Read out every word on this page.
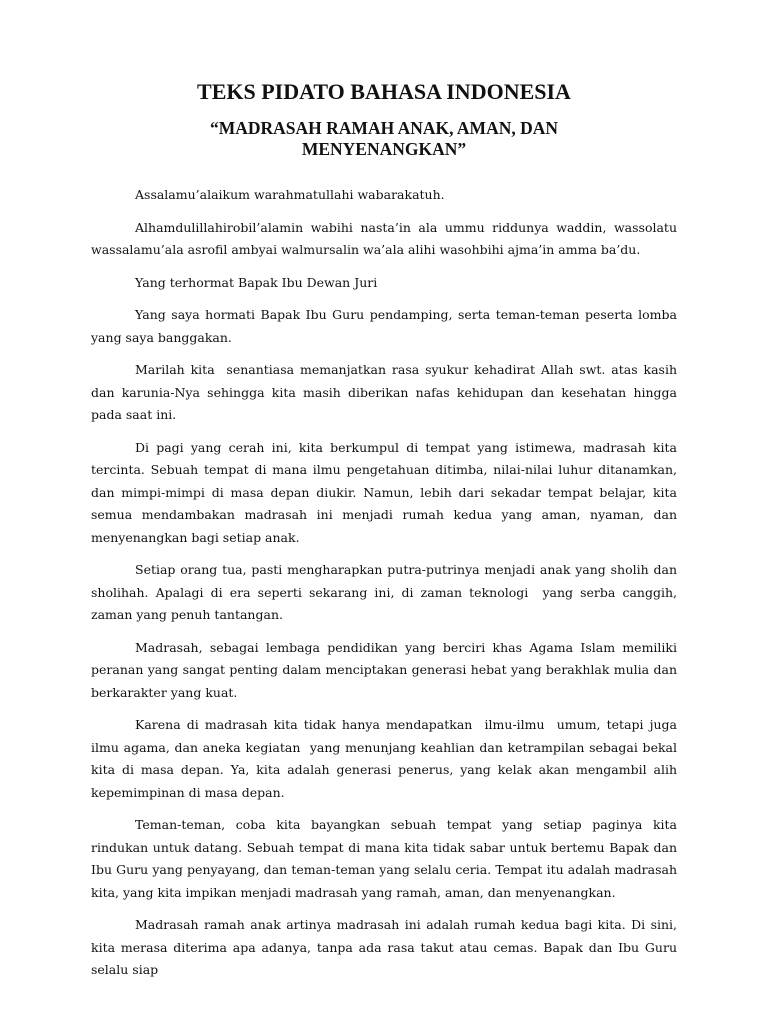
TEKS PIDATO BAHASA INDONESIA
“MADRASAH RAMAH ANAK, AMAN, DAN MENYENANGKAN”

Assalamu’alaikum warahmatullahi wabarakatuh.

Alhamdulillahirobil’alamin wabihi nasta’in ala ummu riddunya waddin, wassolatu wassalamu’ala asrofil ambyai walmursalin wa’ala alihi wasohbihi ajma’in amma ba’du.

Yang terhormat Bapak Ibu Dewan Juri

Yang saya hormati Bapak Ibu Guru pendamping, serta teman-teman peserta lomba yang saya banggakan.

Marilah kita  senantiasa memanjatkan rasa syukur kehadirat Allah swt. atas kasih dan karunia-Nya sehingga kita masih diberikan nafas kehidupan dan kesehatan hingga pada saat ini.

Di pagi yang cerah ini, kita berkumpul di tempat yang istimewa, madrasah kita tercinta. Sebuah tempat di mana ilmu pengetahuan ditimba, nilai-nilai luhur ditanamkan, dan mimpi-mimpi di masa depan diukir. Namun, lebih dari sekadar tempat belajar, kita semua mendambakan madrasah ini menjadi rumah kedua yang aman, nyaman, dan menyenangkan bagi setiap anak.

Setiap orang tua, pasti mengharapkan putra-putrinya menjadi anak yang sholih dan sholihah. Apalagi di era seperti sekarang ini, di zaman teknologi  yang serba canggih, zaman yang penuh tantangan.

Madrasah, sebagai lembaga pendidikan yang berciri khas Agama Islam memiliki peranan yang sangat penting dalam menciptakan generasi hebat yang berakhlak mulia dan berkarakter yang kuat.

Karena di madrasah kita tidak hanya mendapatkan  ilmu-ilmu  umum, tetapi juga  ilmu agama, dan aneka kegiatan  yang menunjang keahlian dan ketrampilan sebagai bekal kita di masa depan. Ya, kita adalah generasi penerus, yang kelak akan mengambil alih kepemimpinan di masa depan.

Teman-teman, coba kita bayangkan sebuah tempat yang setiap paginya kita rindukan untuk datang. Sebuah tempat di mana kita tidak sabar untuk bertemu Bapak dan Ibu Guru yang penyayang, dan teman-teman yang selalu ceria. Tempat itu adalah madrasah kita, yang kita impikan menjadi madrasah yang ramah, aman, dan menyenangkan.

Madrasah ramah anak artinya madrasah ini adalah rumah kedua bagi kita. Di sini, kita merasa diterima apa adanya, tanpa ada rasa takut atau cemas. Bapak dan Ibu Guru selalu siap
